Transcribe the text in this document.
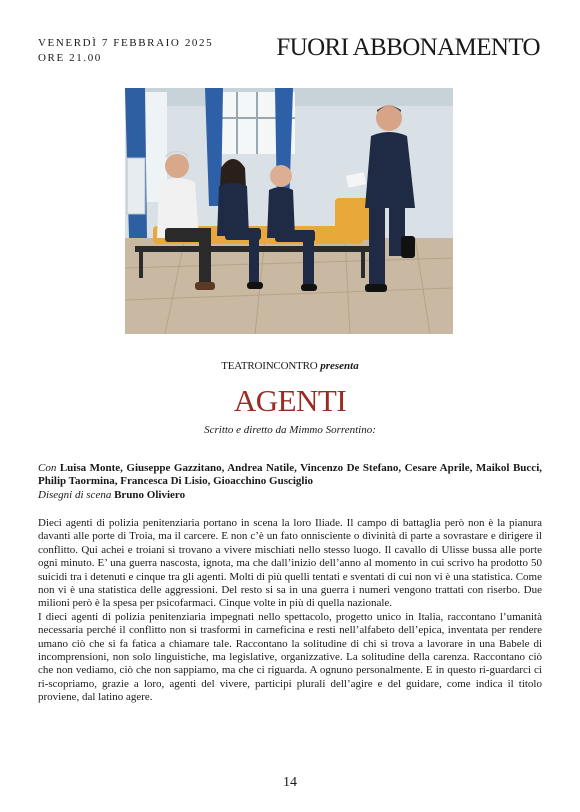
VENERDÌ 7 FEBBRAIO 2025
ORE 21.00	FUORI ABBONAMENTO
TEATROINCONTRO presenta
AGENTI
Scritto e diretto da Mimmo Sorrentino:
Con Luisa Monte, Giuseppe Gazzitano, Andrea Natile, Vincenzo De Stefano, Cesare Aprile, Maikol Bucci, Philip Taormina, Francesca Di Lisio, Gioacchino Gusciglio
Disegni di scena Bruno Oliviero

Dieci agenti di polizia penitenziaria portano in scena la loro Iliade. Il campo di battaglia però non è la pianura davanti alle porte di Troia, ma il carcere. E non c’è un fato onnisciente o divinità di parte a sovrastare e dirigere il conflitto. Qui achei e troiani si trovano a vivere mischiati nello stesso luogo. Il cavallo di Ulisse bussa alle porte ogni minuto. E’ una guerra nascosta, ignota, ma che dall’inizio dell’anno al momento in cui scrivo ha prodotto 50 suicidi tra i detenuti e cinque tra gli agenti. Molti di più quelli tentati e sventati di cui non vi è una statistica. Come non vi è una statistica delle aggressioni. Del resto si sa in una guerra i numeri vengono trattati con riserbo. Due milioni però è la spesa per psicofarmaci. Cinque volte in più di quella nazionale.

I dieci agenti di polizia penitenziaria impegnati nello spettacolo, progetto unico in Italia, raccontano l’umanità necessaria perché il conflitto non si trasformi in carneficina e resti nell’alfabeto dell’epica, inventata per rendere umano ciò che si fa fatica a chiamare tale. Raccontano la solitudine di chi si trova a lavorare in una Babele di incomprensioni, non solo linguistiche, ma legislative, organizzative. La solitudine della carenza. Raccontano ciò che non vediamo, ciò che non sappiamo, ma che ci riguarda. A ognuno personalmente. E in questo ri-guardarci ci ri-scopriamo, grazie a loro, agenti del vivere, participi plurali dell’agire e del guidare, come indica il titolo proviene, dal latino agere.

14
